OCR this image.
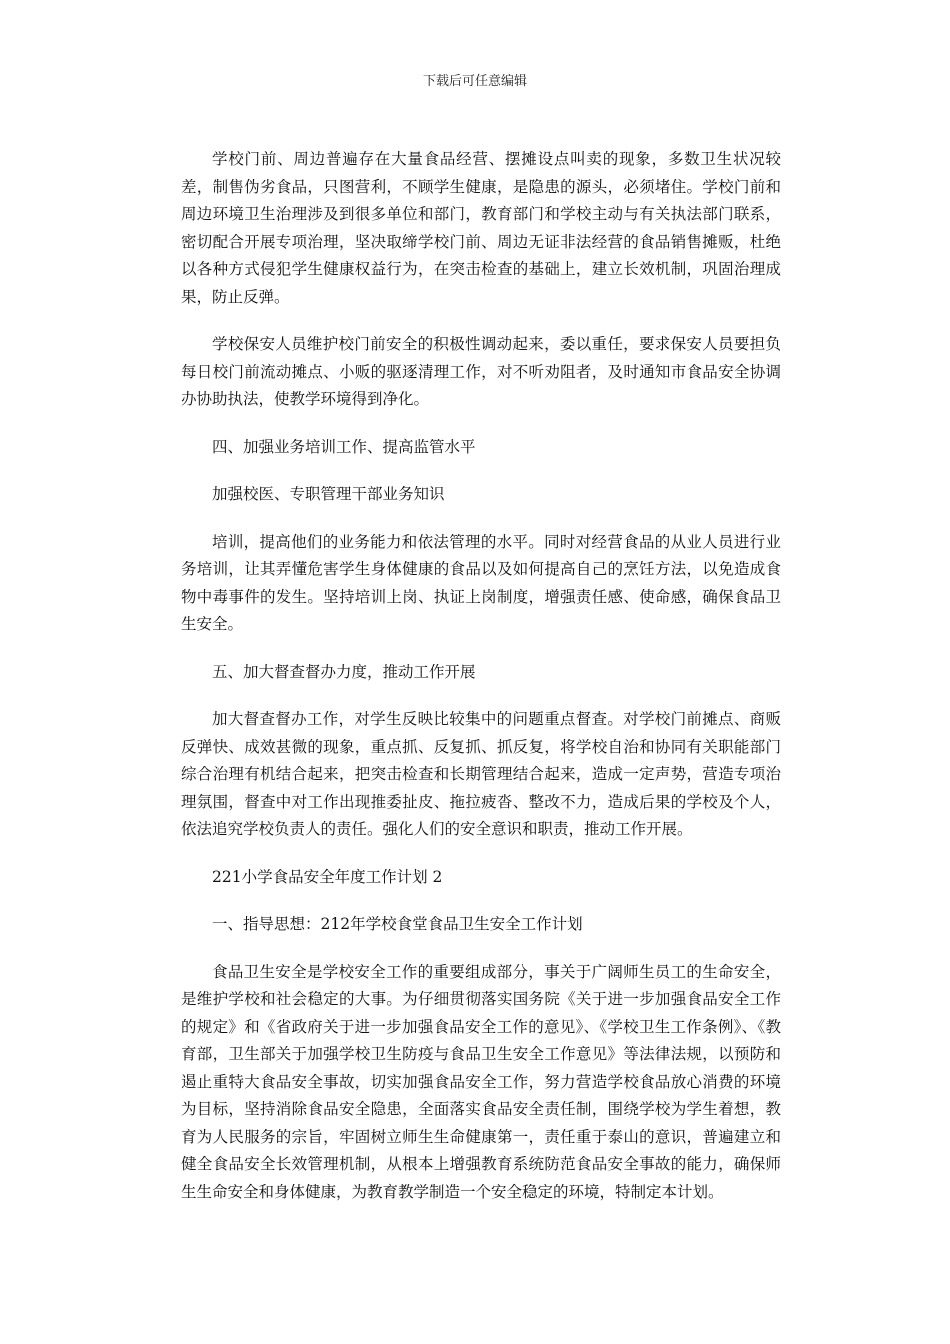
下载后可任意编辑

学校门前、周边普遍存在大量食品经营、摆摊设点叫卖的现象，多数卫生状况较差，制售伪劣食品，只图营利，不顾学生健康，是隐患的源头，必须堵住。学校门前和周边环境卫生治理涉及到很多单位和部门，教育部门和学校主动与有关执法部门联系，密切配合开展专项治理，坚决取缔学校门前、周边无证非法经营的食品销售摊贩，杜绝以各种方式侵犯学生健康权益行为，在突击检查的基础上，建立长效机制，巩固治理成果，防止反弹。

学校保安人员维护校门前安全的积极性调动起来，委以重任，要求保安人员要担负每日校门前流动摊点、小贩的驱逐清理工作，对不听劝阻者，及时通知市食品安全协调办协助执法，使教学环境得到净化。

四、加强业务培训工作、提高监管水平

加强校医、专职管理干部业务知识

培训，提高他们的业务能力和依法管理的水平。同时对经营食品的从业人员进行业务培训，让其弄懂危害学生身体健康的食品以及如何提高自己的烹饪方法，以免造成食物中毒事件的发生。坚持培训上岗、执证上岗制度，增强责任感、使命感，确保食品卫生安全。

五、加大督查督办力度，推动工作开展

加大督查督办工作，对学生反映比较集中的问题重点督查。对学校门前摊点、商贩反弹快、成效甚微的现象，重点抓、反复抓、抓反复，将学校自治和协同有关职能部门综合治理有机结合起来，把突击检查和长期管理结合起来，造成一定声势，营造专项治理氛围，督查中对工作出现推委扯皮、拖拉疲沓、整改不力，造成后果的学校及个人，依法追究学校负责人的责任。强化人们的安全意识和职责，推动工作开展。

221小学食品安全年度工作计划 2

一、指导思想：212年学校食堂食品卫生安全工作计划

食品卫生安全是学校安全工作的重要组成部分，事关于广阔师生员工的生命安全，是维护学校和社会稳定的大事。为仔细贯彻落实国务院《关于进一步加强食品安全工作的规定》和《省政府关于进一步加强食品安全工作的意见》、《学校卫生工作条例》、《教育部，卫生部关于加强学校卫生防疫与食品卫生安全工作意见》等法律法规，以预防和遏止重特大食品安全事故，切实加强食品安全工作，努力营造学校食品放心消费的环境为目标，坚持消除食品安全隐患，全面落实食品安全责任制，围绕学校为学生着想，教育为人民服务的宗旨，牢固树立师生生命健康第一，责任重于泰山的意识，普遍建立和健全食品安全长效管理机制，从根本上增强教育系统防范食品安全事故的能力，确保师生生命安全和身体健康，为教育教学制造一个安全稳定的环境，特制定本计划。
